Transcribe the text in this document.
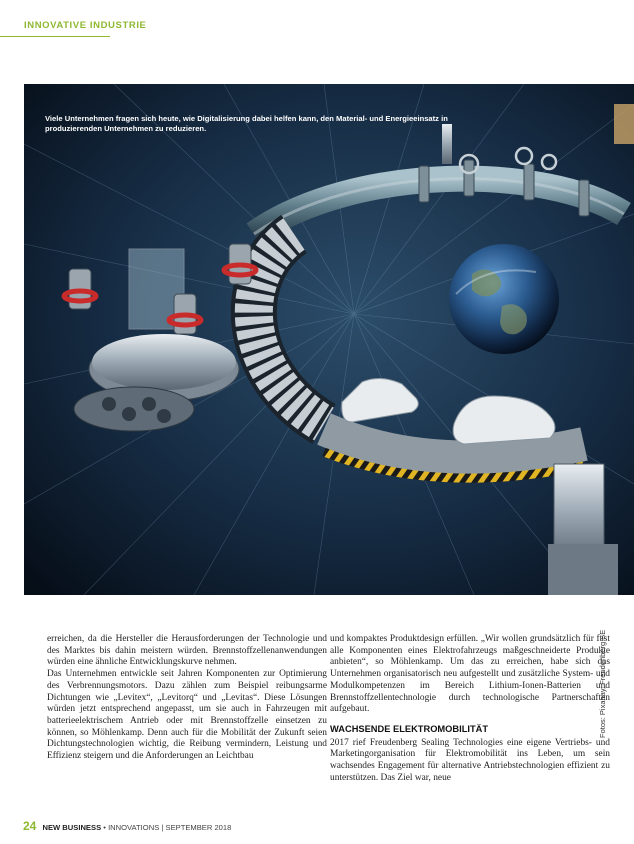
INNOVATIVE INDUSTRIE
Viele Unternehmen fragen sich heute, wie Digitalisierung dabei helfen kann, den Material- und Energieeinsatz in produzierenden Unternehmen zu reduzieren.

erreichen, da die Hersteller die Herausforderungen der Technologie und des Marktes bis dahin meistern würden. Brennstoffzellenanwendungen würden eine ähnliche Entwicklungskurve nehmen.

Das Unternehmen entwickle seit Jahren Komponenten zur Optimierung des Verbrennungsmotors. Dazu zählen zum Beispiel reibungsarme Dichtungen wie „Levitex“, „Levitorq“ und „Levitas“. Diese Lösungen würden jetzt entsprechend angepasst, um sie auch in Fahrzeugen mit batterieelektrischem Antrieb oder mit Brennstoffzelle einsetzen zu können, so Möhlenkamp. Denn auch für die Mobilität der Zukunft seien Dichtungstechnologien wichtig, die Reibung vermindern, Leistung und Effizienz steigern und die Anforderungen an Leichtbau

und kompaktes Produktdesign erfüllen. „Wir wollen grundsätzlich für fast alle Komponenten eines Elektrofahrzeugs maßgeschneiderte Produkte anbieten“, so Möhlenkamp. Um das zu erreichen, habe sich das Unternehmen organisatorisch neu aufgestellt und zusätzliche System- und Modulkompetenzen im Bereich Lithium-Ionen-Batterien und Brennstoffzellentechnologie durch technologische Partnerschaften aufgebaut.

WACHSENDE ELEKTROMOBILITÄT

2017 rief Freudenberg Sealing Technologies eine eigene Vertriebs- und Marketingorganisation für Elektromobilität ins Leben, um sein wachsendes Engagement für alternative Antriebstechnologien effizient zu unterstützen. Das Ziel war, neue

Fotos: Pixabay, Freudenberg SE
24 NEW BUSINESS • INNOVATIONS | SEPTEMBER 2018
